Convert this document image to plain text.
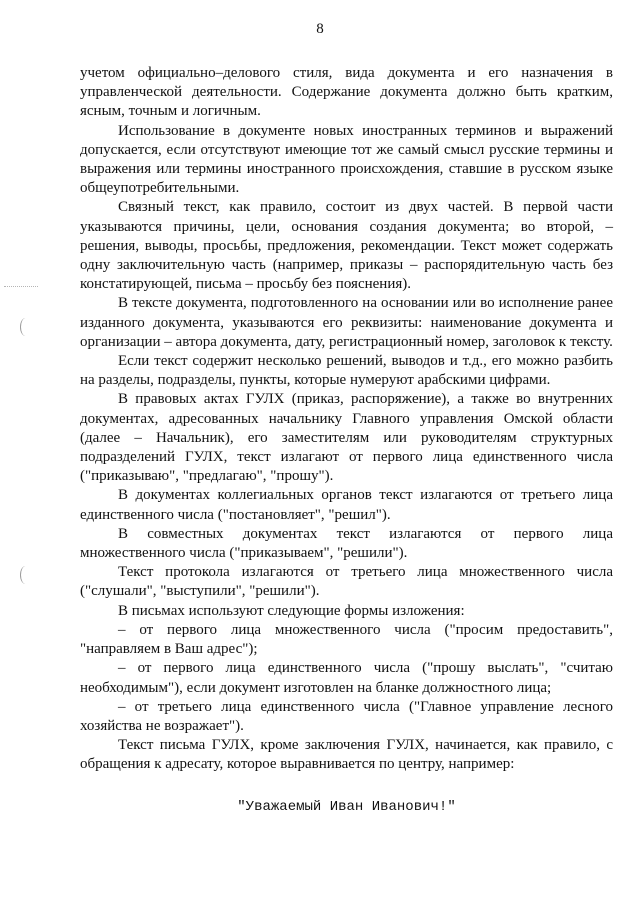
8

учетом официально–делового стиля, вида документа и его назначения в управленческой деятельности. Содержание документа должно быть кратким, ясным, точным и логичным.

Использование в документе новых иностранных терминов и выражений допускается, если отсутствуют имеющие тот же самый смысл русские термины и выражения или термины иностранного происхождения, ставшие в русском языке общеупотребительными.

Связный текст, как правило, состоит из двух частей. В первой части указываются причины, цели, основания создания документа; во второй, – решения, выводы, просьбы, предложения, рекомендации. Текст может содержать одну заключительную часть (например, приказы – распорядительную часть без констатирующей, письма – просьбу без пояснения).

В тексте документа, подготовленного на основании или во исполнение ранее изданного документа, указываются его реквизиты: наименование документа и организации – автора документа, дату, регистрационный номер, заголовок к тексту.

Если текст содержит несколько решений, выводов и т.д., его можно разбить на разделы, подразделы, пункты, которые нумеруют арабскими цифрами.

В правовых актах ГУЛХ (приказ, распоряжение), а также во внутренних документах, адресованных начальнику Главного управления Омской области (далее – Начальник), его заместителям или руководителям структурных подразделений ГУЛХ, текст излагают от первого лица единственного числа ("приказываю", "предлагаю", "прошу").

В документах коллегиальных органов текст излагаются от третьего лица единственного числа ("постановляет", "решил").

В совместных документах текст излагаются от первого лица множественного числа ("приказываем", "решили").

Текст протокола излагаются от третьего лица множественного числа ("слушали", "выступили", "решили").

В письмах используют следующие формы изложения:

– от первого лица множественного числа ("просим предоставить", "направляем в Ваш адрес");

– от первого лица единственного числа ("прошу выслать", "считаю необходимым"), если документ изготовлен на бланке должностного лица;

– от третьего лица единственного числа ("Главное управление лесного хозяйства не возражает").

Текст письма ГУЛХ, кроме заключения ГУЛХ, начинается, как правило, с обращения к адресату, которое выравнивается по центру, например:

"Уважаемый Иван Иванович!"
